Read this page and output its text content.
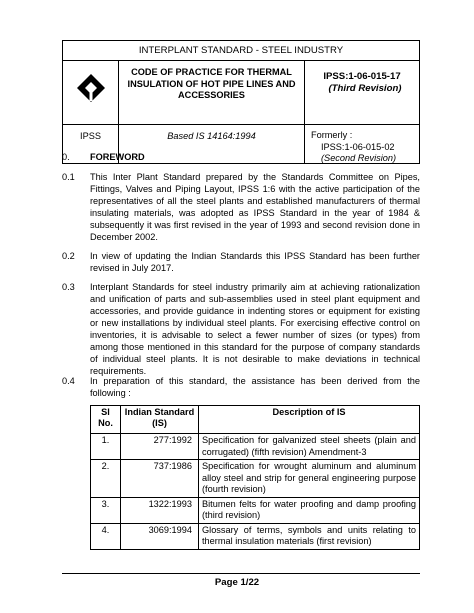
INTERPLANT STANDARD - STEEL INDUSTRY
CODE OF PRACTICE FOR THERMAL INSULATION OF HOT PIPE LINES AND ACCESSORIES
IPSS:1-06-015-17
(Third Revision)
IPSS	Based IS 14164:1994	Formerly :
IPSS:1-06-015-02
(Second Revision)
0. FOREWORD
0.1 This Inter Plant Standard prepared by the Standards Committee on Pipes, Fittings, Valves and Piping Layout, IPSS 1:6 with the active participation of the representatives of all the steel plants and established manufacturers of thermal insulating materials, was adopted as IPSS Standard in the year of 1984 & subsequently it was first revised in the year of 1993 and second revision done in December 2002.
0.2 In view of updating the Indian Standards this IPSS Standard has been further revised in July 2017.
0.3 Interplant Standards for steel industry primarily aim at achieving rationalization and unification of parts and sub-assemblies used in steel plant equipment and accessories, and provide guidance in indenting stores or equipment for existing or new installations by individual steel plants. For exercising effective control on inventories, it is advisable to select a fewer number of sizes (or types) from among those mentioned in this standard for the purpose of company standards of individual steel plants. It is not desirable to make deviations in technical requirements.
0.4 In preparation of this standard, the assistance has been derived from the following :
Sl No.	Indian Standard (IS)	Description of IS
1.	277:1992	Specification for galvanized steel sheets (plain and corrugated) (fifth revision) Amendment-3
2.	737:1986	Specification for wrought aluminum and aluminum alloy steel and strip for general engineering purpose (fourth revision)
3.	1322:1993	Bitumen felts for water proofing and damp proofing (third revision)
4.	3069:1994	Glossary of terms, symbols and units relating to thermal insulation materials (first revision)
Page 1/22
